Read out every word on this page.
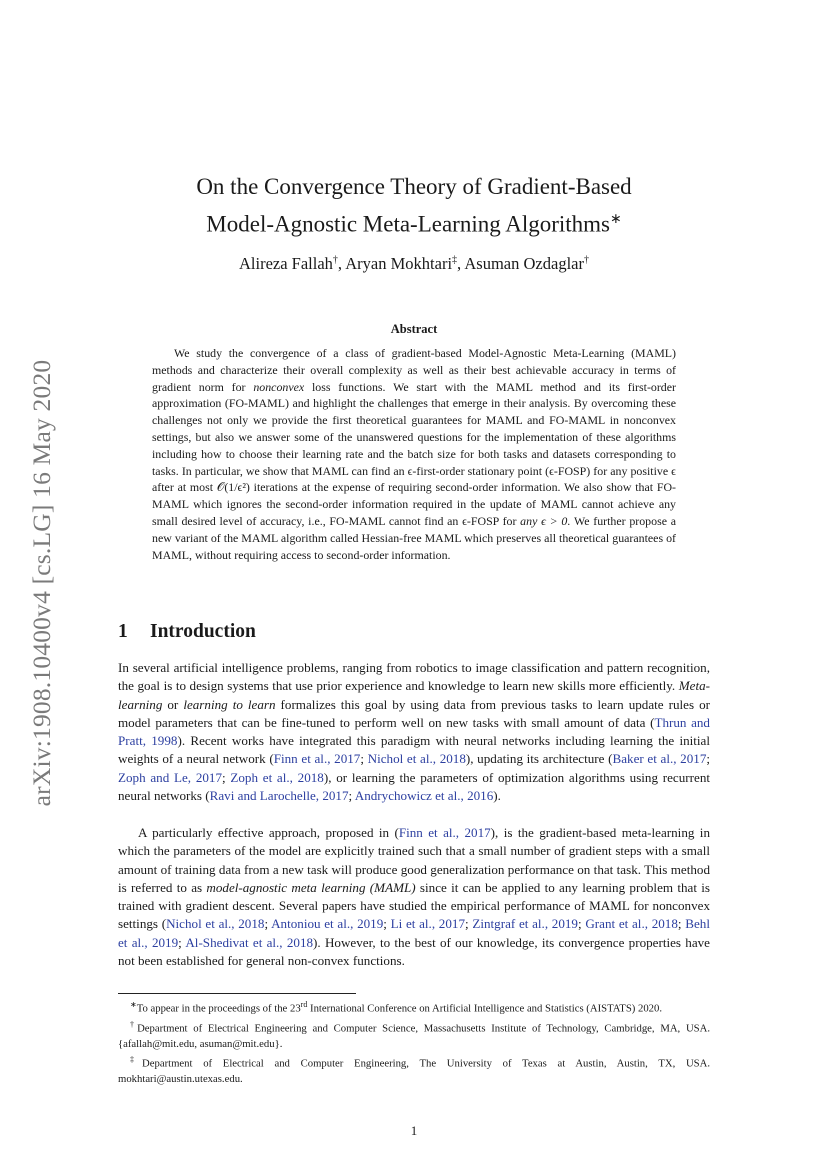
arXiv:1908.10400v4 [cs.LG] 16 May 2020
On the Convergence Theory of Gradient-Based
Model-Agnostic Meta-Learning Algorithms∗
Alireza Fallah†, Aryan Mokhtari‡, Asuman Ozdaglar†
Abstract

We study the convergence of a class of gradient-based Model-Agnostic Meta-Learning (MAML) methods and characterize their overall complexity as well as their best achievable accuracy in terms of gradient norm for nonconvex loss functions. We start with the MAML method and its first-order approximation (FO-MAML) and highlight the challenges that emerge in their analysis. By overcoming these challenges not only we provide the first theoretical guarantees for MAML and FO-MAML in nonconvex settings, but also we answer some of the unanswered questions for the implementation of these algorithms including how to choose their learning rate and the batch size for both tasks and datasets corresponding to tasks. In particular, we show that MAML can find an ϵ-first-order stationary point (ϵ-FOSP) for any positive ϵ after at most 𝒪(1/ϵ²) iterations at the expense of requiring second-order information. We also show that FO-MAML which ignores the second-order information required in the update of MAML cannot achieve any small desired level of accuracy, i.e., FO-MAML cannot find an ϵ-FOSP for any ϵ > 0. We further propose a new variant of the MAML algorithm called Hessian-free MAML which preserves all theoretical guarantees of MAML, without requiring access to second-order information.

1 Introduction

In several artificial intelligence problems, ranging from robotics to image classification and pattern recognition, the goal is to design systems that use prior experience and knowledge to learn new skills more efficiently. Meta-learning or learning to learn formalizes this goal by using data from previous tasks to learn update rules or model parameters that can be fine-tuned to perform well on new tasks with small amount of data (Thrun and Pratt, 1998). Recent works have integrated this paradigm with neural networks including learning the initial weights of a neural network (Finn et al., 2017; Nichol et al., 2018), updating its architecture (Baker et al., 2017; Zoph and Le, 2017; Zoph et al., 2018), or learning the parameters of optimization algorithms using recurrent neural networks (Ravi and Larochelle, 2017; Andrychowicz et al., 2016).

A particularly effective approach, proposed in (Finn et al., 2017), is the gradient-based meta-learning in which the parameters of the model are explicitly trained such that a small number of gradient steps with a small amount of training data from a new task will produce good generalization performance on that task. This method is referred to as model-agnostic meta learning (MAML) since it can be applied to any learning problem that is trained with gradient descent. Several papers have studied the empirical performance of MAML for nonconvex settings (Nichol et al., 2018; Antoniou et al., 2019; Li et al., 2017; Zintgraf et al., 2019; Grant et al., 2018; Behl et al., 2019; Al-Shedivat et al., 2018). However, to the best of our knowledge, its convergence properties have not been established for general non-convex functions.

∗To appear in the proceedings of the 23rd International Conference on Artificial Intelligence and Statistics (AISTATS) 2020.

†Department of Electrical Engineering and Computer Science, Massachusetts Institute of Technology, Cambridge, MA, USA. {afallah@mit.edu, asuman@mit.edu}.

‡Department of Electrical and Computer Engineering, The University of Texas at Austin, Austin, TX, USA. mokhtari@austin.utexas.edu.

1
